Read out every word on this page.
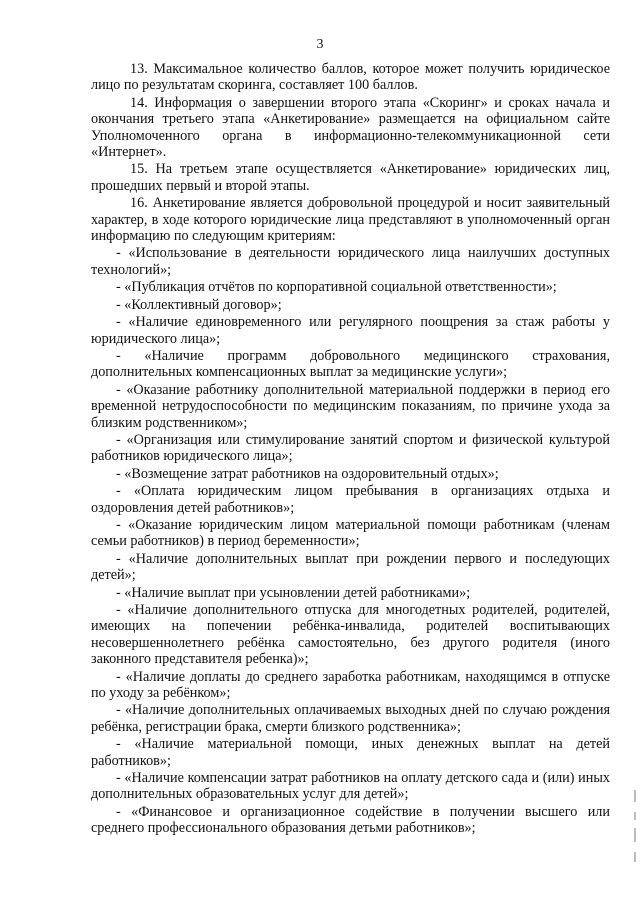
3

13. Максимальное количество баллов, которое может получить юридическое лицо по результатам скоринга, составляет 100 баллов.

14. Информация о завершении второго этапа «Скоринг» и сроках начала и окончания третьего этапа «Анкетирование» размещается на официальном сайте Уполномоченного органа в информационно-телекоммуникационной сети «Интернет».

15. На третьем этапе осуществляется «Анкетирование» юридических лиц, прошедших первый и второй этапы.

16. Анкетирование является добровольной процедурой и носит заявительный характер, в ходе которого юридические лица представляют в уполномоченный орган информацию по следующим критериям:

- «Использование в деятельности юридического лица наилучших доступных технологий»;

- «Публикация отчётов по корпоративной социальной ответственности»;

- «Коллективный договор»;

- «Наличие единовременного или регулярного поощрения за стаж работы у юридического лица»;

- «Наличие программ добровольного медицинского страхования, дополнительных компенсационных выплат за медицинские услуги»;

- «Оказание работнику дополнительной материальной поддержки в период его временной нетрудоспособности по медицинским показаниям, по причине ухода за близким родственником»;

- «Организация или стимулирование занятий спортом и физической культурой работников юридического лица»;

- «Возмещение затрат работников на оздоровительный отдых»;

- «Оплата юридическим лицом пребывания в организациях отдыха и оздоровления детей работников»;

- «Оказание юридическим лицом материальной помощи работникам (членам семьи работников) в период беременности»;

- «Наличие дополнительных выплат при рождении первого и последующих детей»;

- «Наличие выплат при усыновлении детей работниками»;

- «Наличие дополнительного отпуска для многодетных родителей, родителей, имеющих на попечении ребёнка-инвалида, родителей воспитывающих несовершеннолетнего ребёнка самостоятельно, без другого родителя (иного законного представителя ребенка)»;

- «Наличие доплаты до среднего заработка работникам, находящимся в отпуске по уходу за ребёнком»;

- «Наличие дополнительных оплачиваемых выходных дней по случаю рождения ребёнка, регистрации брака, смерти близкого родственника»;

- «Наличие материальной помощи, иных денежных выплат на детей работников»;

- «Наличие компенсации затрат работников на оплату детского сада и (или) иных дополнительных образовательных услуг для детей»;

- «Финансовое и организационное содействие в получении высшего или среднего профессионального образования детьми работников»;
